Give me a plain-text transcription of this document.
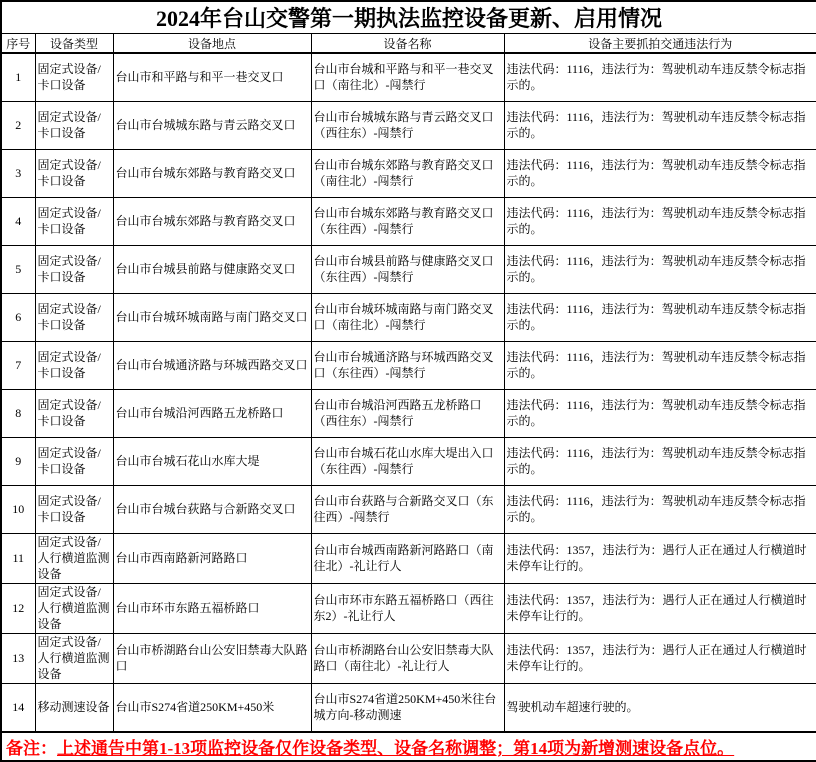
2024年台山交警第一期执法监控设备更新、启用情况				
序号	设备类型	设备地点	设备名称	设备主要抓拍交通违法行为
1	固定式设备/卡口设备	台山市和平路与和平一巷交叉口	台山市台城和平路与和平一巷交叉口（南往北）-闯禁行	违法代码：1116，违法行为：驾驶机动车违反禁令标志指示的。
2	固定式设备/卡口设备	台山市台城城东路与青云路交叉口	台山市台城城东路与青云路交叉口（西往东）-闯禁行	违法代码：1116，违法行为：驾驶机动车违反禁令标志指示的。
3	固定式设备/卡口设备	台山市台城东郊路与教育路交叉口	台山市台城东郊路与教育路交叉口（南往北）-闯禁行	违法代码：1116，违法行为：驾驶机动车违反禁令标志指示的。
4	固定式设备/卡口设备	台山市台城东郊路与教育路交叉口	台山市台城东郊路与教育路交叉口（东往西）-闯禁行	违法代码：1116，违法行为：驾驶机动车违反禁令标志指示的。
5	固定式设备/卡口设备	台山市台城县前路与健康路交叉口	台山市台城县前路与健康路交叉口（东往西）-闯禁行	违法代码：1116，违法行为：驾驶机动车违反禁令标志指示的。
6	固定式设备/卡口设备	台山市台城环城南路与南门路交叉口	台山市台城环城南路与南门路交叉口（南往北）-闯禁行	违法代码：1116，违法行为：驾驶机动车违反禁令标志指示的。
7	固定式设备/卡口设备	台山市台城通济路与环城西路交叉口	台山市台城通济路与环城西路交叉口（东往西）-闯禁行	违法代码：1116，违法行为：驾驶机动车违反禁令标志指示的。
8	固定式设备/卡口设备	台山市台城沿河西路五龙桥路口	台山市台城沿河西路五龙桥路口（西往东）-闯禁行	违法代码：1116，违法行为：驾驶机动车违反禁令标志指示的。
9	固定式设备/卡口设备	台山市台城石花山水库大堤	台山市台城石花山水库大堤出入口（东往西）-闯禁行	违法代码：1116，违法行为：驾驶机动车违反禁令标志指示的。
10	固定式设备/卡口设备	台山市台城台荻路与合新路交叉口	台山市台荻路与合新路交叉口（东往西）-闯禁行	违法代码：1116，违法行为：驾驶机动车违反禁令标志指示的。
11	固定式设备/人行横道监测设备	台山市西南路新河路路口	台山市台城西南路新河路路口（南往北）-礼让行人	违法代码：1357，违法行为：遇行人正在通过人行横道时未停车让行的。
12	固定式设备/人行横道监测设备	台山市环市东路五福桥路口	台山市环市东路五福桥路口（西往东2）-礼让行人	违法代码：1357，违法行为：遇行人正在通过人行横道时未停车让行的。
13	固定式设备/人行横道监测设备	台山市桥湖路台山公安旧禁毒大队路口	台山市桥湖路台山公安旧禁毒大队路口（南往北）-礼让行人	违法代码：1357，违法行为：遇行人正在通过人行横道时未停车让行的。
14	移动测速设备	台山市S274省道250KM+450米	台山市S274省道250KM+450米往台城方向-移动测速	驾驶机动车超速行驶的。
备注：上述通告中第1-13项监控设备仅作设备类型、设备名称调整；第14项为新增测速设备点位。				
